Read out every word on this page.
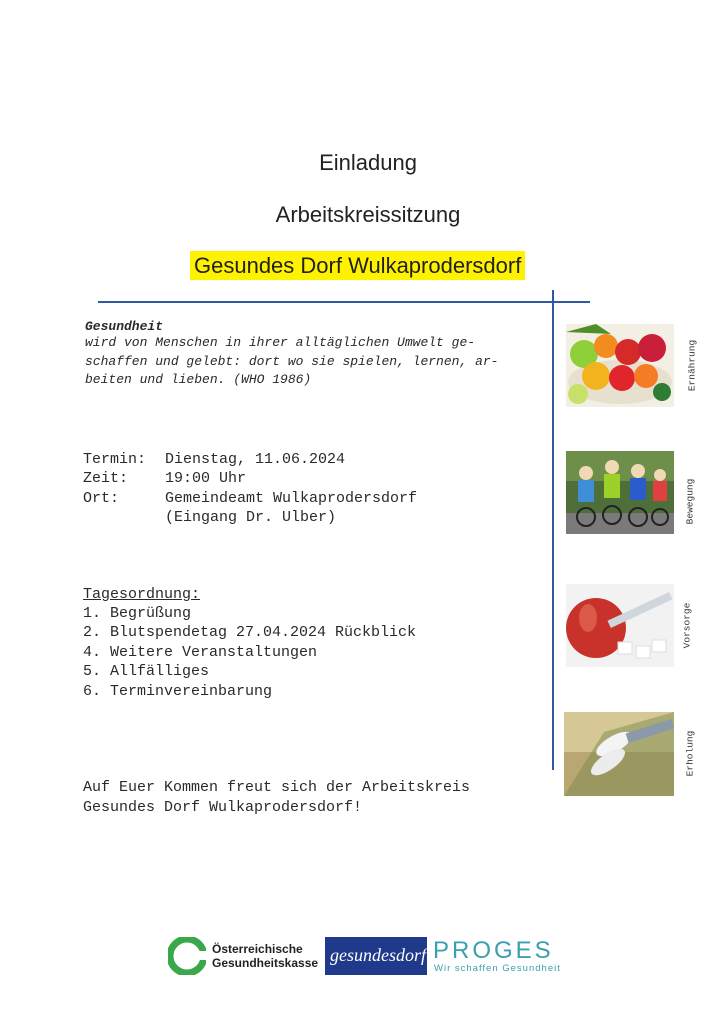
Einladung
Arbeitskreissitzung
Gesundes Dorf Wulkaprodersdorf
Gesundheit
wird von Menschen in ihrer alltäglichen Umwelt ge-
schaffen und gelebt: dort wo sie spielen, lernen, ar-
beiten und lieben. (WHO 1986)
Termin: Dienstag, 11.06.2024
Zeit: 19:00 Uhr
Ort:	Gemeindeamt Wulkaprodersdorf
(Eingang Dr. Ulber)
Tagesordnung:
1. Begrüßung
2. Blutspendetag 27.04.2024 Rückblick
4. Weitere Veranstaltungen
5. Allfälliges
6. Terminvereinbarung
Auf Euer Kommen freut sich der Arbeitskreis
Gesundes Dorf Wulkaprodersdorf!
Ernährung
Bewegung
Vorsorge
Erholung
Österreichische
Gesundheitskasse gesundesdorf PROGES
Wir schaffen Gesundheit
